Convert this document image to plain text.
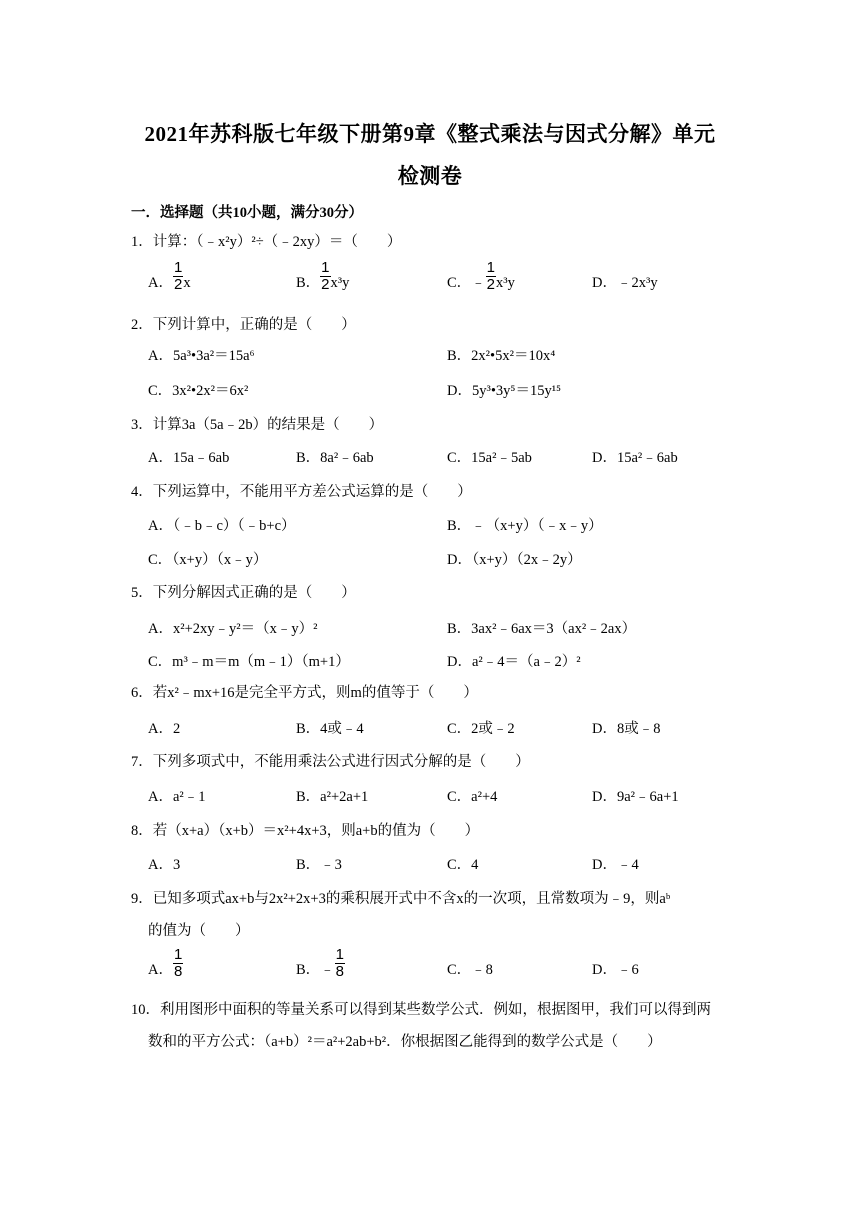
2021年苏科版七年级下册第9章《整式乘法与因式分解》单元
检测卷
一．选择题（共10小题，满分30分）
1．计算：（﹣x²y）²÷（﹣2xy）＝（　　）
A． $\frac{1}{2}$ x	B． $\frac{1}{2} x^3y$	C．﹣ $\frac{1}{2} x^3y$	D．﹣2x³y
2．下列计算中，正确的是（　　）
A．5a³•3a²＝15a⁶	B．2x²•5x²＝10x⁴
C．3x²•2x²＝6x²	D．5y³•3y⁵＝15y¹⁵
3．计算3a（5a﹣2b）的结果是（　　）
A．15a﹣6ab	B．8a²﹣6ab	C．15a²﹣5ab	D．15a²﹣6ab
4．下列运算中，不能用平方差公式运算的是（　　）
A．（﹣b﹣c）（﹣b+c）	B．﹣（x+y）（﹣x﹣y）
C．（x+y）（x﹣y）	D．（x+y）（2x﹣2y）
5．下列分解因式正确的是（　　）
A．x²+2xy﹣y²＝（x﹣y）²	B．3ax²﹣6ax＝3（ax²﹣2ax）
C．m³﹣m＝m（m﹣1）（m+1）	D．a²﹣4＝（a﹣2）²
6．若x²﹣mx+16是完全平方式，则m的值等于（　　）
A．2	B．4或﹣4	C．2或﹣2	D．8或﹣8
7．下列多项式中，不能用乘法公式进行因式分解的是（　　）
A．a²﹣1	B．a²+2a+1	C．a²+4	D．9a²﹣6a+1
8．若（x+a）（x+b）＝x²+4x+3，则a+b的值为（　　）
A．3	B．﹣3	C．4	D．﹣4
9．已知多项式ax+b与2x²+2x+3的乘积展开式中不含x的一次项，且常数项为﹣9，则aᵇ
的值为（　　）
A． $\frac{1}{8}$	B．﹣ $\frac{1}{8}$	C．﹣8	D．﹣6
10．利用图形中面积的等量关系可以得到某些数学公式．例如，根据图甲，我们可以得到两
数和的平方公式：（a+b）²＝a²+2ab+b²．你根据图乙能得到的数学公式是（　　）
